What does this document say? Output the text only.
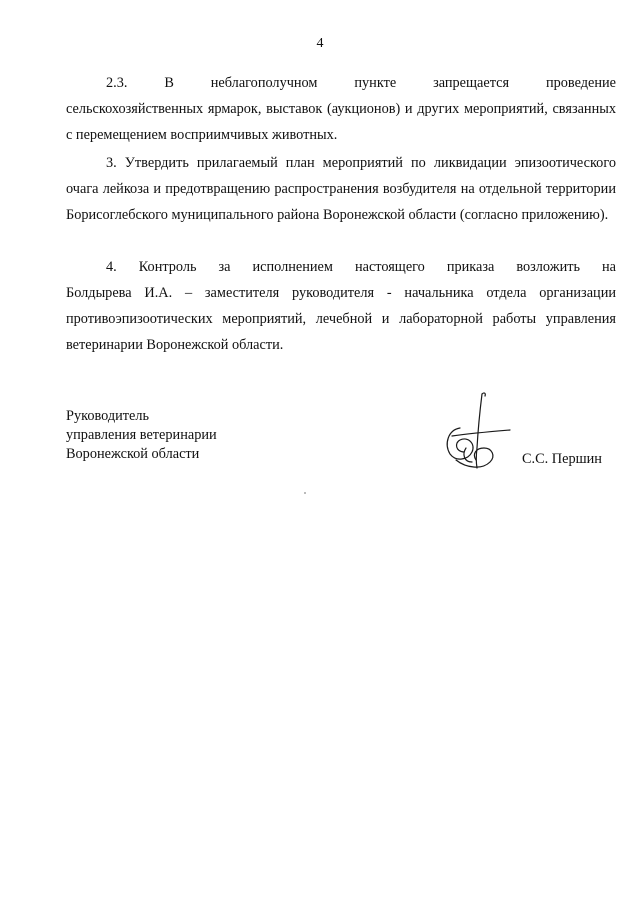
4
2.3. В неблагополучном пункте запрещается проведение
сельскохозяйственных ярмарок, выставок (аукционов) и других мероприятий, связанных с перемещением восприимчивых животных.

3. Утвердить прилагаемый план мероприятий по ликвидации эпизоотического очага лейкоза и предотвращению распространения возбудителя на отдельной территории Борисоглебского муниципального района Воронежской области (согласно приложению).

4. Контроль за исполнением настоящего приказа возложить на
Болдырева И.А. – заместителя руководителя - начальника отдела организации противоэпизоотических мероприятий, лечебной и лабораторной работы управления ветеринарии Воронежской области.
Руководитель
управления ветеринарии
Воронежской области	С.С. Першин
